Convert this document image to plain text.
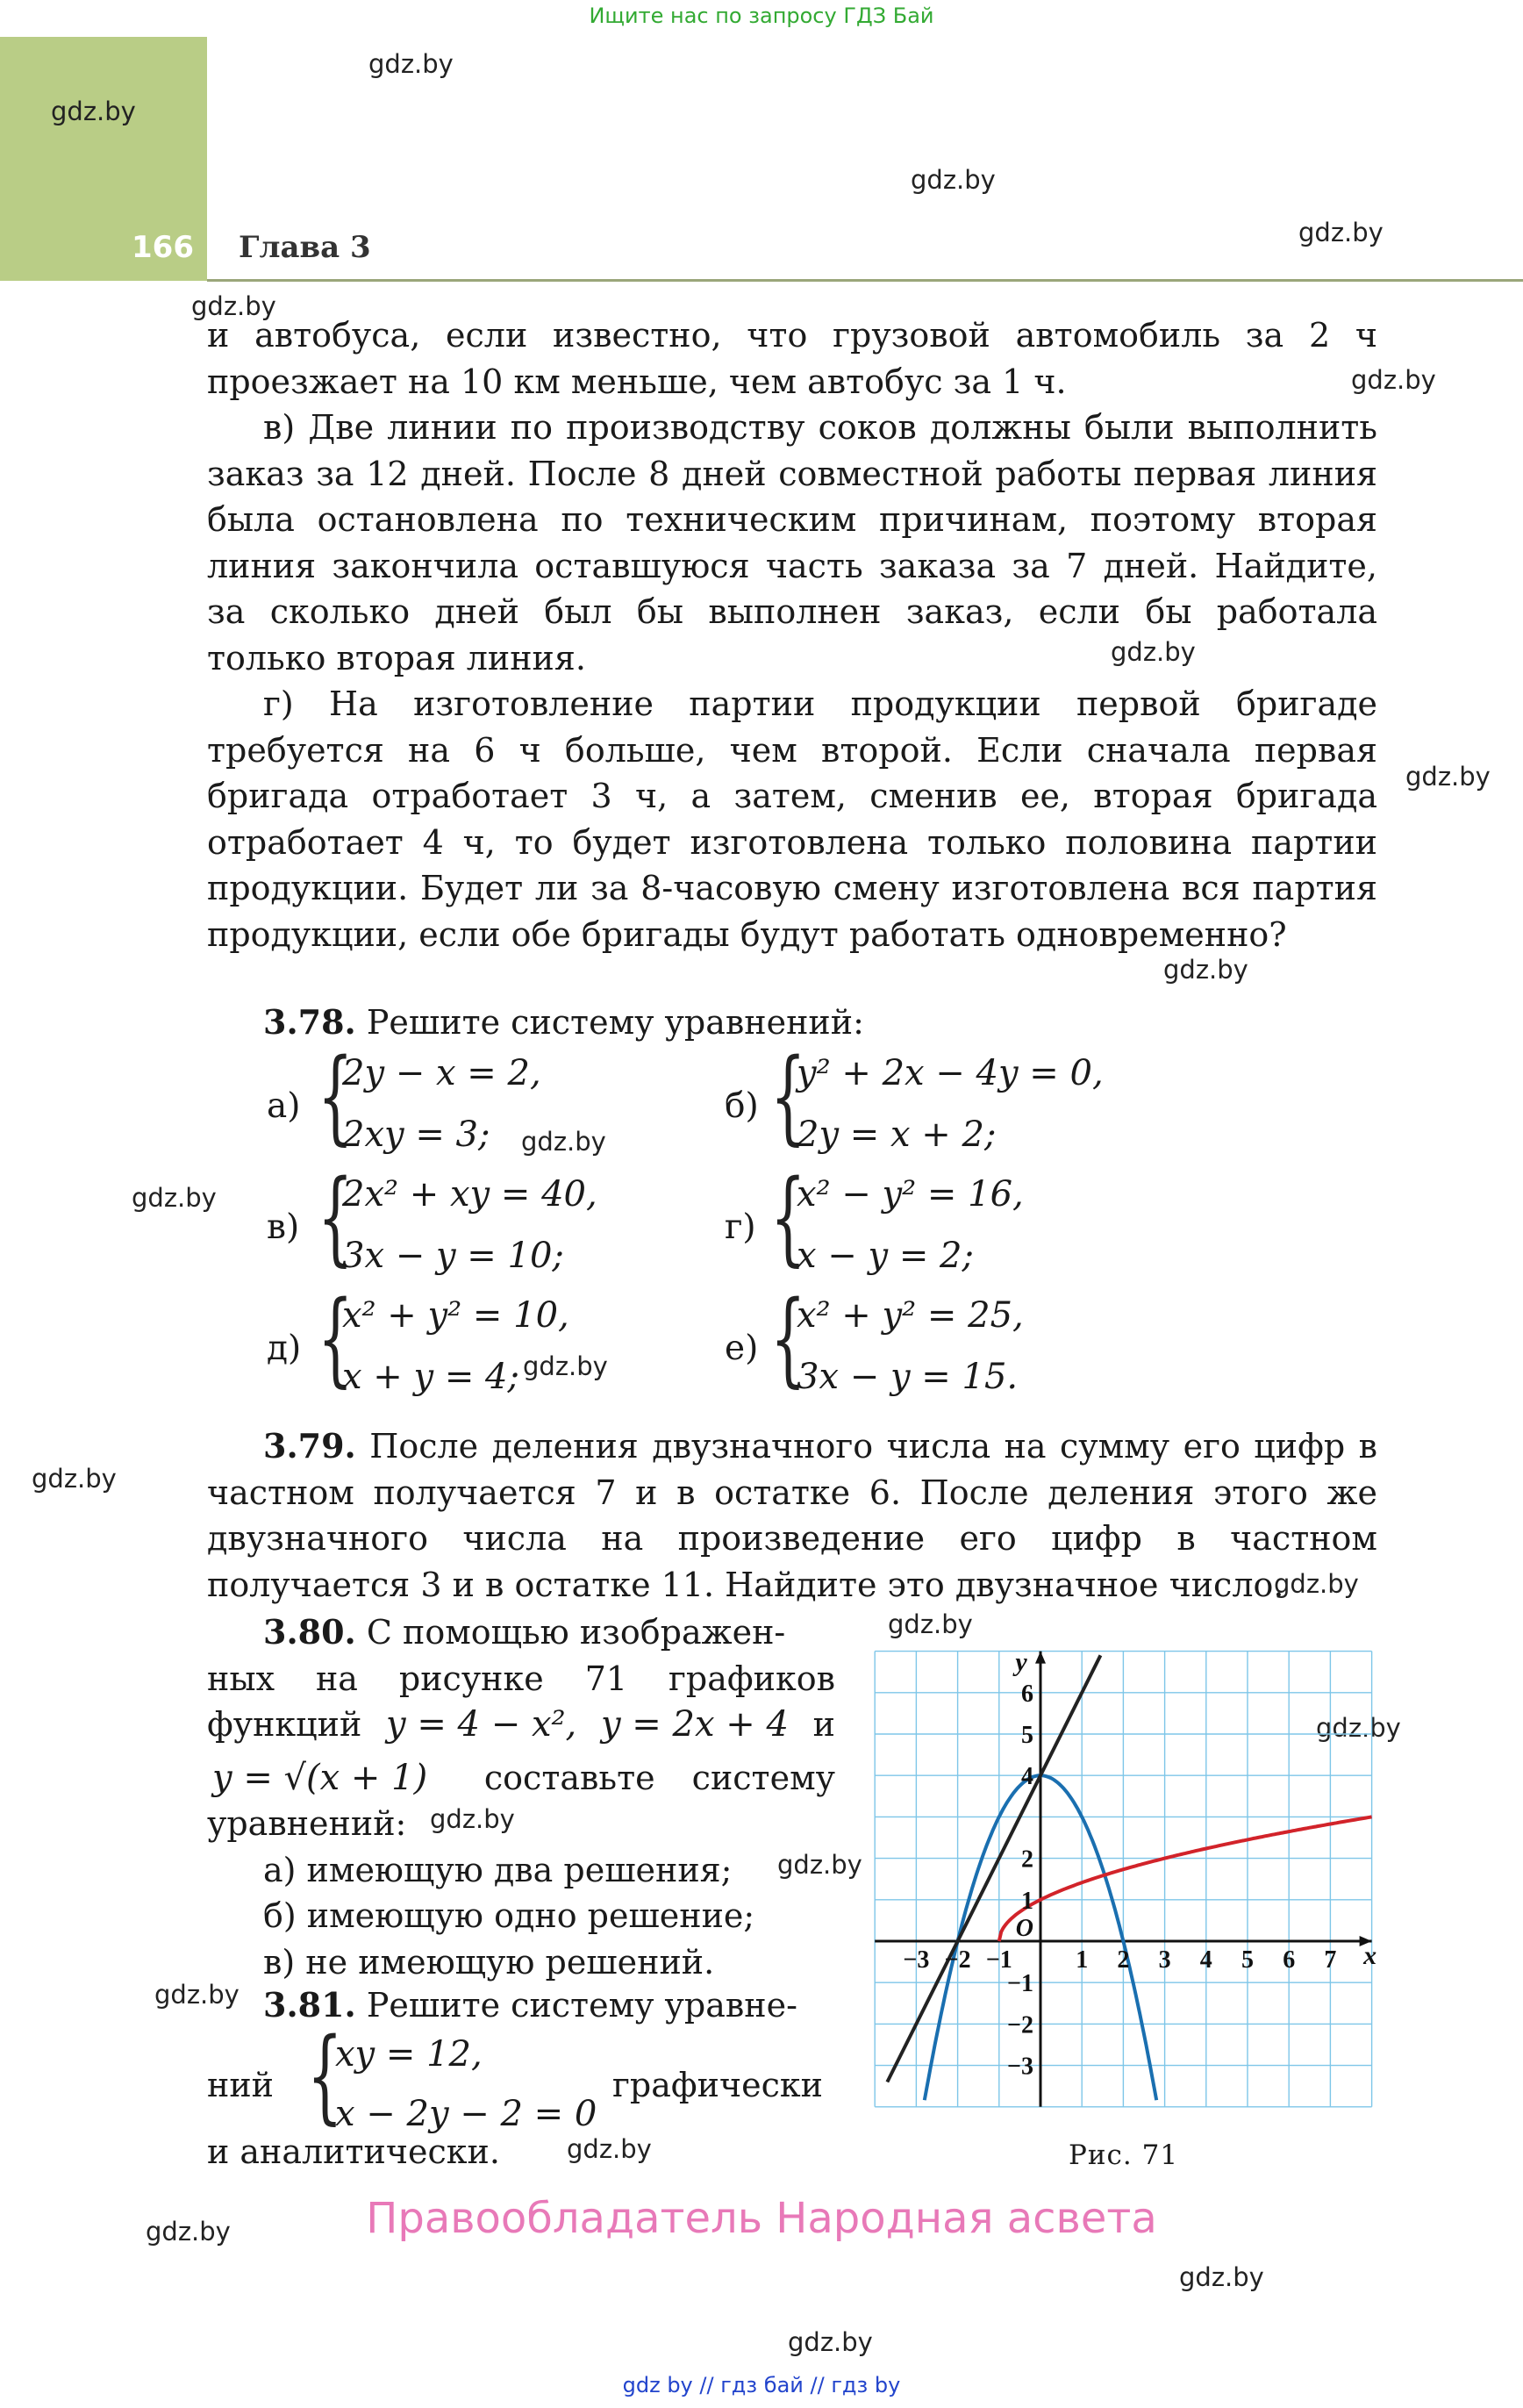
Ищите нас по запросу ГДЗ Бай
166 Глава 3
gdz.by
gdz.by
gdz.by
gdz.by
gdz.by
gdz.by
gdz.by
gdz.by
gdz.by
gdz.by
gdz.by
gdz.by
gdz.by
gdz.by
gdz.by
gdz.by
gdz.by
gdz.by
gdz.by
gdz.by
gdz.by
gdz.by
gdz.by

и автобуса, если известно, что грузовой автомобиль за 2 ч проезжает на 10 км меньше, чем автобус за 1 ч.

в) Две линии по производству соков должны были выполнить заказ за 12 дней. После 8 дней совместной работы первая линия была остановлена по техническим причинам, поэтому вторая линия закончила оставшуюся часть заказа за 7 дней. Найдите, за сколько дней был бы выполнен заказ, если бы работала только вторая линия.

г) На изготовление партии продукции первой бригаде требуется на 6 ч больше, чем второй. Если сначала первая бригада отработает 3 ч, а затем, сменив ее, вторая бригада отработает 4 ч, то будет изготовлена только половина партии продукции. Будет ли за 8-часовую смену изготовлена вся партия продукции, если обе бригады будут работать одновременно?

3.78. Решите систему уравнений:
а) {
2y − x = 2,
2xy = 3;
б) {
y² + 2x − 4y = 0,
2y = x + 2;
в) {
2x² + xy = 40,
3x − y = 10;
г) {
x² − y² = 16,
x − y = 2;
д) {
x² + y² = 10,
x + y = 4;
е) {
x² + y² = 25,
3x − y = 15.

3.79. После деления двузначного числа на сумму его цифр в частном получается 7 и в остатке 6. После деления этого же двузначного числа на произведение его цифр в частном получается 3 и в остатке 11. Найдите это двузначное число.

3.80. С помощью изображен-
ных на рисунке 71 графиков
функций y = 4 − x², y = 2x + 4 и
y = √(x + 1) составьте систему
уравнений:
а) имеющую два решения;
б) имеющую одно решение;
в) не имеющую решений.
3.81. Решите систему уравне-
ний {
xy = 12,
x − 2y − 2 = 0
графически
и аналитически.
−3 −2 −1	1 2 3 4 5 6 7
6
5
4
2
1
−1
−2
−3
O
x
y
Рис. 71
Правообладатель Народная асвета
gdz by // гдз бай // гдз by
